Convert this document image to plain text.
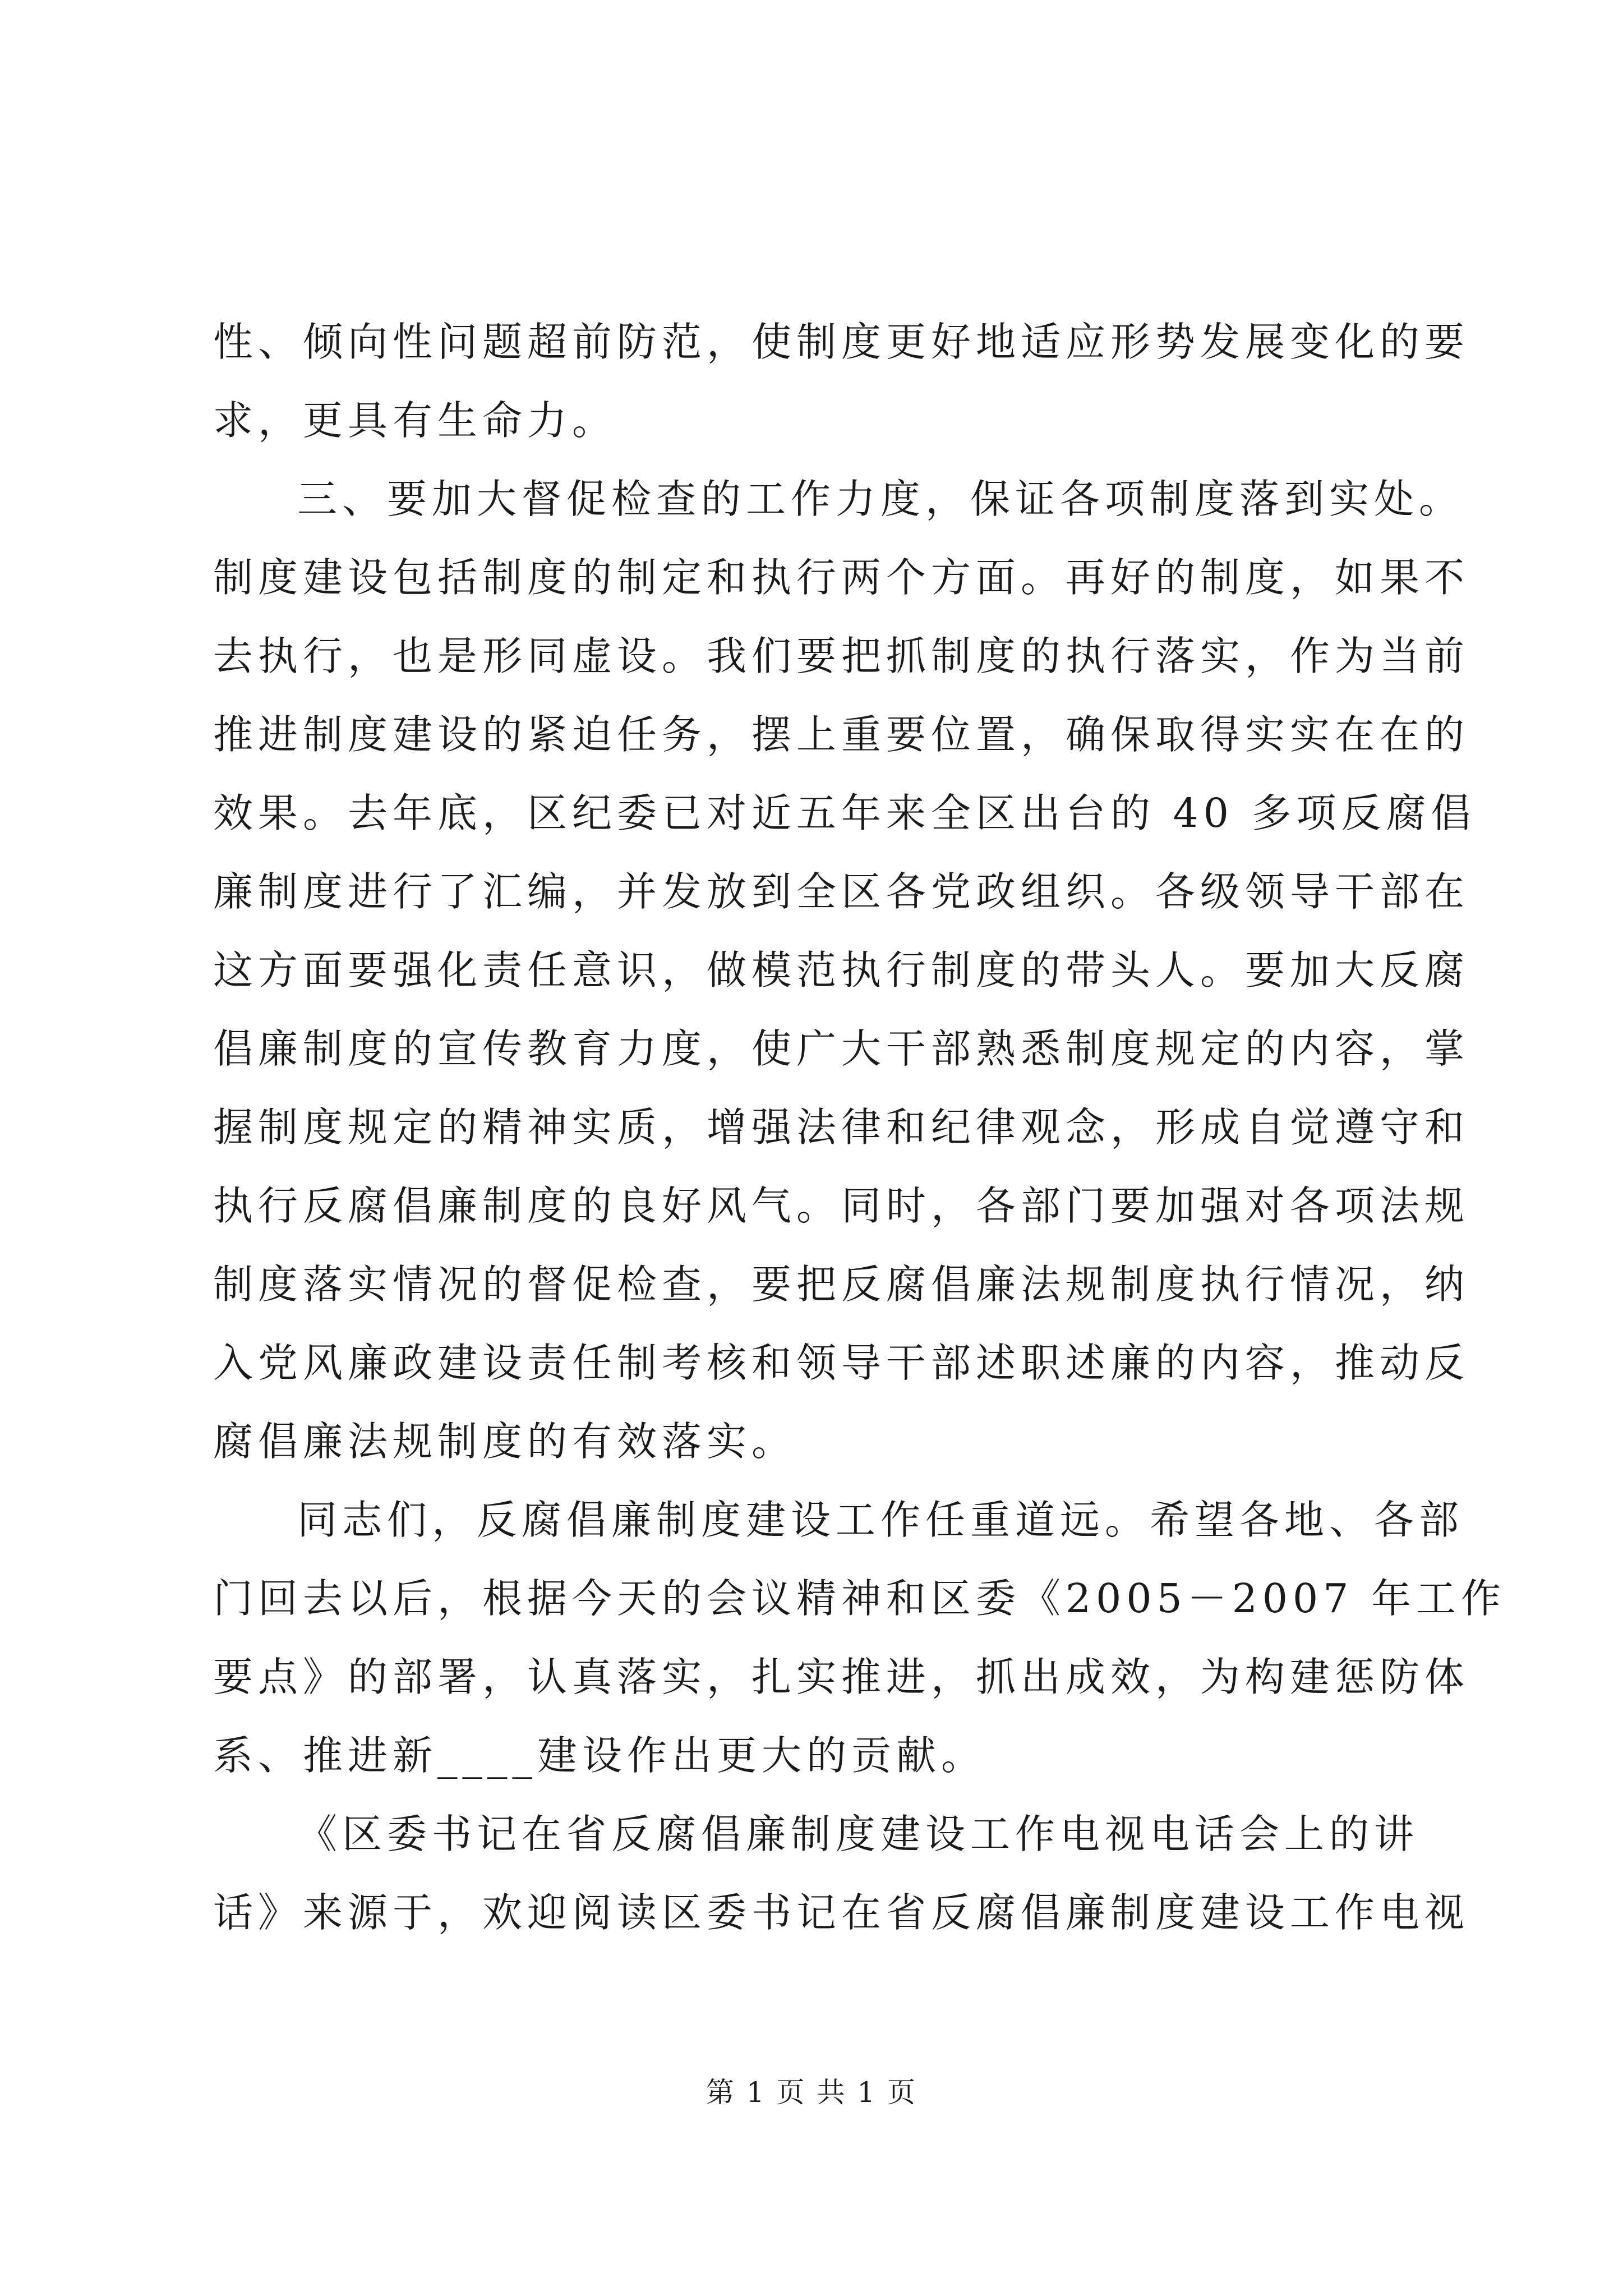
性、倾向性问题超前防范，使制度更好地适应形势发展变化的要
求，更具有生命力。
三、要加大督促检查的工作力度，保证各项制度落到实处。
制度建设包括制度的制定和执行两个方面。再好的制度，如果不
去执行，也是形同虚设。我们要把抓制度的执行落实，作为当前
推进制度建设的紧迫任务，摆上重要位置，确保取得实实在在的
效果。去年底，区纪委已对近五年来全区出台的 40 多项反腐倡
廉制度进行了汇编，并发放到全区各党政组织。各级领导干部在
这方面要强化责任意识，做模范执行制度的带头人。要加大反腐
倡廉制度的宣传教育力度，使广大干部熟悉制度规定的内容，掌
握制度规定的精神实质，增强法律和纪律观念，形成自觉遵守和
执行反腐倡廉制度的良好风气。同时，各部门要加强对各项法规
制度落实情况的督促检查，要把反腐倡廉法规制度执行情况，纳
入党风廉政建设责任制考核和领导干部述职述廉的内容，推动反
腐倡廉法规制度的有效落实。
同志们，反腐倡廉制度建设工作任重道远。希望各地、各部
门回去以后，根据今天的会议精神和区委《2005－2007 年工作
要点》的部署，认真落实，扎实推进，抓出成效，为构建惩防体
系、推进新____建设作出更大的贡献。
《区委书记在省反腐倡廉制度建设工作电视电话会上的讲
话》来源于，欢迎阅读区委书记在省反腐倡廉制度建设工作电视
第 1 页 共 1 页
